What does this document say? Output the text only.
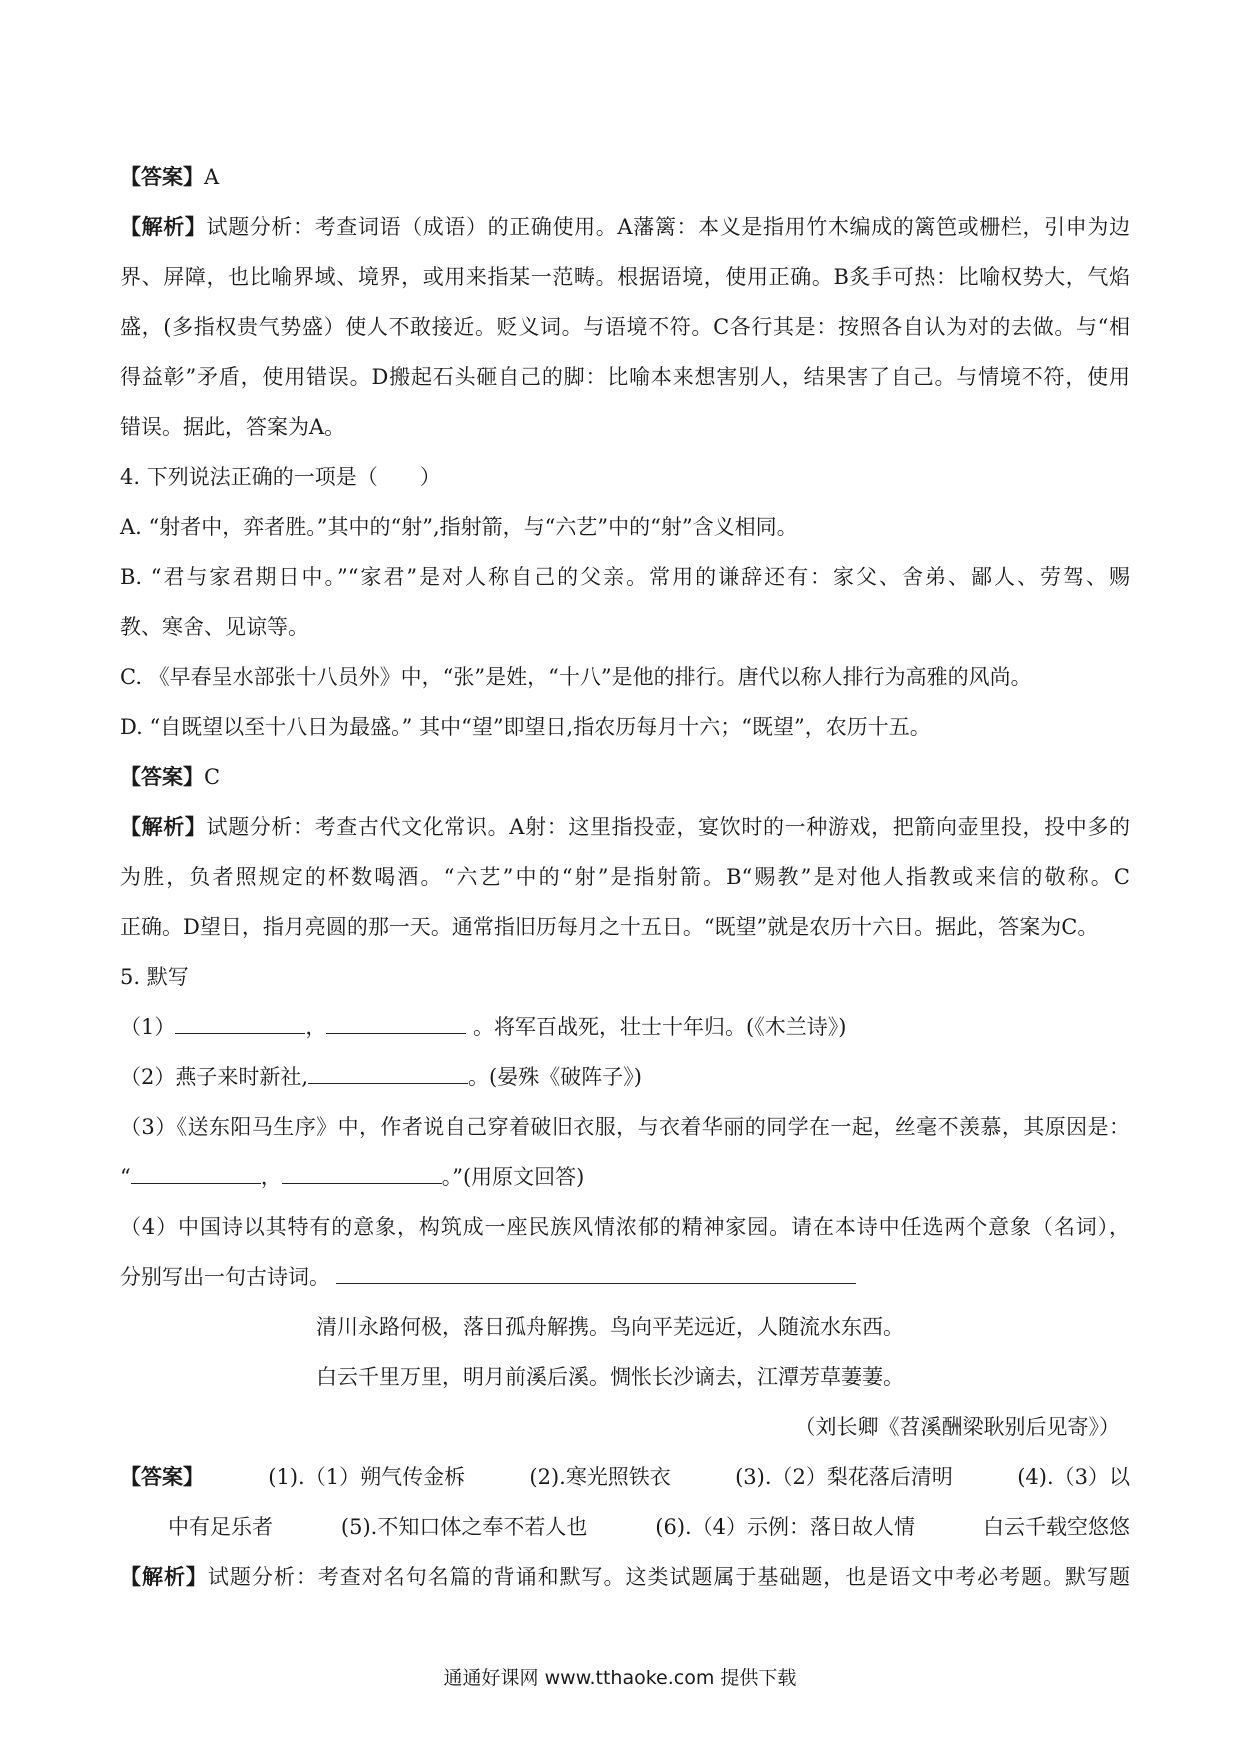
【答案】A

【解析】试题分析：考查词语（成语）的正确使用。A藩篱：本义是指用竹木编成的篱笆或栅栏，引申为边

界、屏障，也比喻界域、境界，或用来指某一范畴。根据语境，使用正确。B炙手可热：比喻权势大，气焰

盛，(多指权贵气势盛）使人不敢接近。贬义词。与语境不符。C各行其是：按照各自认为对的去做。与“相

得益彰”矛盾，使用错误。D搬起石头砸自己的脚：比喻本来想害别人，结果害了自己。与情境不符，使用

错误。据此，答案为A。

4. 下列说法正确的一项是（　　）

A. “射者中，弈者胜。”其中的“射”,指射箭，与“六艺”中的“射”含义相同。

B. “君与家君期日中。”“家君”是对人称自己的父亲。常用的谦辞还有：家父、舍弟、鄙人、劳驾、赐

教、寒舍、见谅等。

C. 《早春呈水部张十八员外》中，“张”是姓，“十八”是他的排行。唐代以称人排行为高雅的风尚。

D. “自既望以至十八日为最盛。” 其中“望”即望日,指农历每月十六；“既望”，农历十五。

【答案】C

【解析】试题分析：考查古代文化常识。A射：这里指投壶，宴饮时的一种游戏，把箭向壶里投，投中多的

为胜，负者照规定的杯数喝酒。“六艺”中的“射”是指射箭。B“赐教”是对他人指教或来信的敬称。C

正确。D望日，指月亮圆的那一天。通常指旧历每月之十五日。“既望”就是农历十六日。据此，答案为C。

5. 默写

（1）	，	。将军百战死，壮士十年归。(《木兰诗》)

（2）燕子来时新社,	。(晏殊《破阵子》)

（3）《送东阳马生序》中，作者说自己穿着破旧衣服，与衣着华丽的同学在一起，丝毫不羡慕，其原因是：

“	，	。”(用原文回答)

（4）中国诗以其特有的意象，构筑成一座民族风情浓郁的精神家园。请在本诗中任选两个意象（名词），

分别写出一句古诗词。

清川永路何极，落日孤舟解携。鸟向平芜远近，人随流水东西。

白云千里万里，明月前溪后溪。惆怅长沙谪去，江潭芳草萋萋。

（刘长卿《苕溪酬梁耿别后见寄》）

【答案】	(1).（1）朔气传金柝	(2).寒光照铁衣	(3).（2）梨花落后清明	(4).（3）以
中有足乐者	(5).不知口体之奉不若人也	(6).（4）示例：落日故人情	白云千载空悠悠

【解析】试题分析：考查对名句名篇的背诵和默写。这类试题属于基础题，也是语文中考必考题。默写题

通通好课网 www.tthaoke.com 提供下载
